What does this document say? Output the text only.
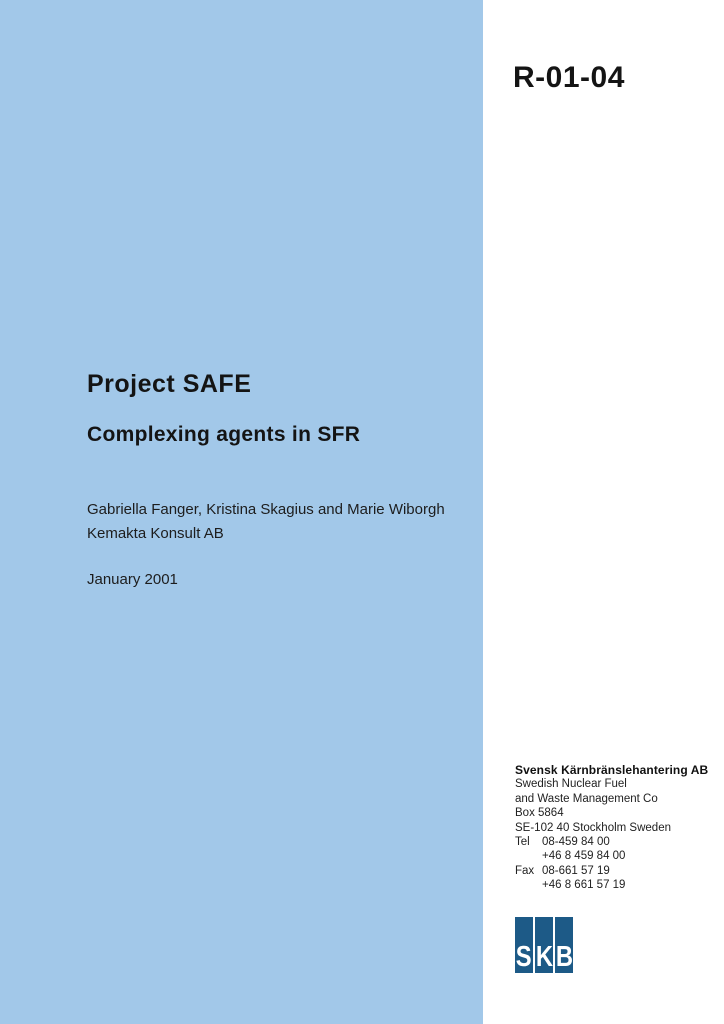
R-01-04
Project SAFE
Complexing agents in SFR
Gabriella Fanger, Kristina Skagius and Marie Wiborgh
Kemakta Konsult AB
January 2001
Svensk Kärnbränslehantering AB
Swedish Nuclear Fuel
and Waste Management Co
Box 5864
SE-102 40 Stockholm Sweden
Tel	08-459 84 00
+46 8 459 84 00
Fax 08-661 57 19
+46 8 661 57 19
S K B
